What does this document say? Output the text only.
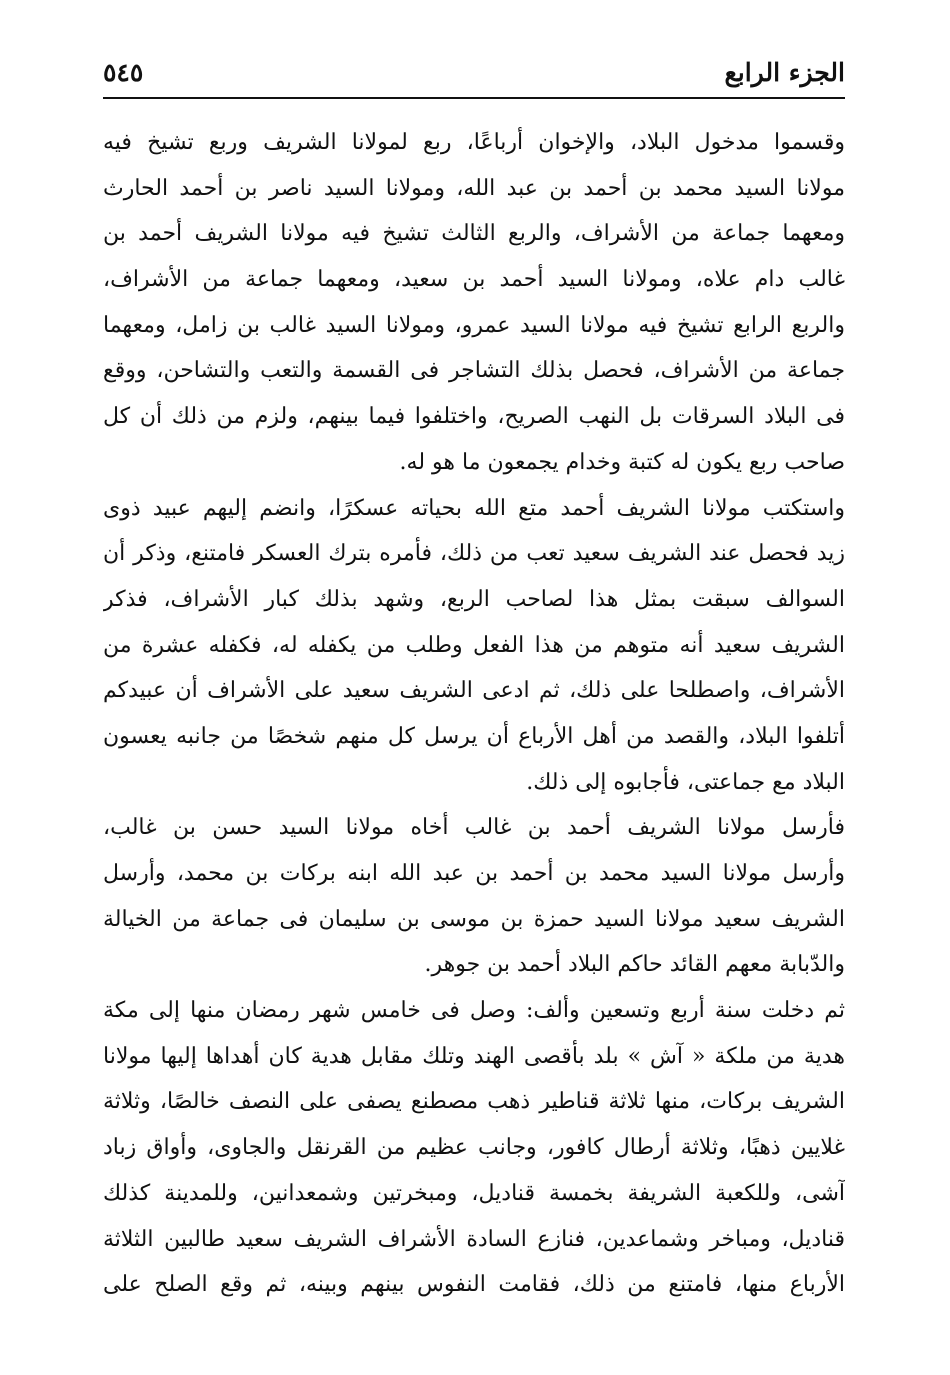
الجزء الرابع
٥٤٥
وقسموا مدخول البلاد، والإخوان أرباعًا، ربع لمولانا الشريف وربع تشيخ فيه
مولانا السيد محمد بن أحمد بن عبد الله، ومولانا السيد ناصر بن أحمد الحارث
ومعهما جماعة من الأشراف، والربع الثالث تشيخ فيه مولانا الشريف أحمد بن
غالب دام علاه، ومولانا السيد أحمد بن سعيد، ومعهما جماعة من الأشراف،
والربع الرابع تشيخ فيه مولانا السيد عمرو، ومولانا السيد غالب بن زامل، ومعهما
جماعة من الأشراف، فحصل بذلك التشاجر فى القسمة والتعب والتشاحن، ووقع
فى البلاد السرقات بل النهب الصريح، واختلفوا فيما بينهم، ولزم من ذلك أن كل
صاحب ربع يكون له كتبة وخدام يجمعون ما هو له.
واستكتب مولانا الشريف أحمد متع الله بحياته عسكرًا، وانضم إليهم عبيد ذوى
زيد فحصل عند الشريف سعيد تعب من ذلك، فأمره بترك العسكر فامتنع، وذكر أن
السوالف سبقت بمثل هذا لصاحب الربع، وشهد بذلك كبار الأشراف، فذكر
الشريف سعيد أنه متوهم من هذا الفعل وطلب من يكفله له، فكفله عشرة من
الأشراف، واصطلحا على ذلك، ثم ادعى الشريف سعيد على الأشراف أن عبيدكم
أتلفوا البلاد، والقصد من أهل الأرباع أن يرسل كل منهم شخصًا من جانبه يعسون
البلاد مع جماعتى، فأجابوه إلى ذلك.
فأرسل مولانا الشريف أحمد بن غالب أخاه مولانا السيد حسن بن غالب،
وأرسل مولانا السيد محمد بن أحمد بن عبد الله ابنه بركات بن محمد، وأرسل
الشريف سعيد مولانا السيد حمزة بن موسى بن سليمان فى جماعة من الخيالة
والدّبابة معهم القائد حاكم البلاد أحمد بن جوهر.
ثم دخلت سنة أربع وتسعين وألف: وصل فى خامس شهر رمضان منها إلى مكة
هدية من ملكة « آش » بلد بأقصى الهند وتلك مقابل هدية كان أهداها إليها مولانا
الشريف بركات، منها ثلاثة قناطير ذهب مصطنع يصفى على النصف خالصًا، وثلاثة
غلايين ذهبًا، وثلاثة أرطال كافور، وجانب عظيم من القرنقل والجاوى، وأواق زباد
آشى، وللكعبة الشريفة بخمسة قناديل، ومبخرتين وشمعدانين، وللمدينة كذلك
قناديل، ومباخر وشماعدين، فنازع السادة الأشراف الشريف سعيد طالبين الثلاثة
الأرباع منها، فامتنع من ذلك، فقامت النفوس بينهم وبينه، ثم وقع الصلح على
